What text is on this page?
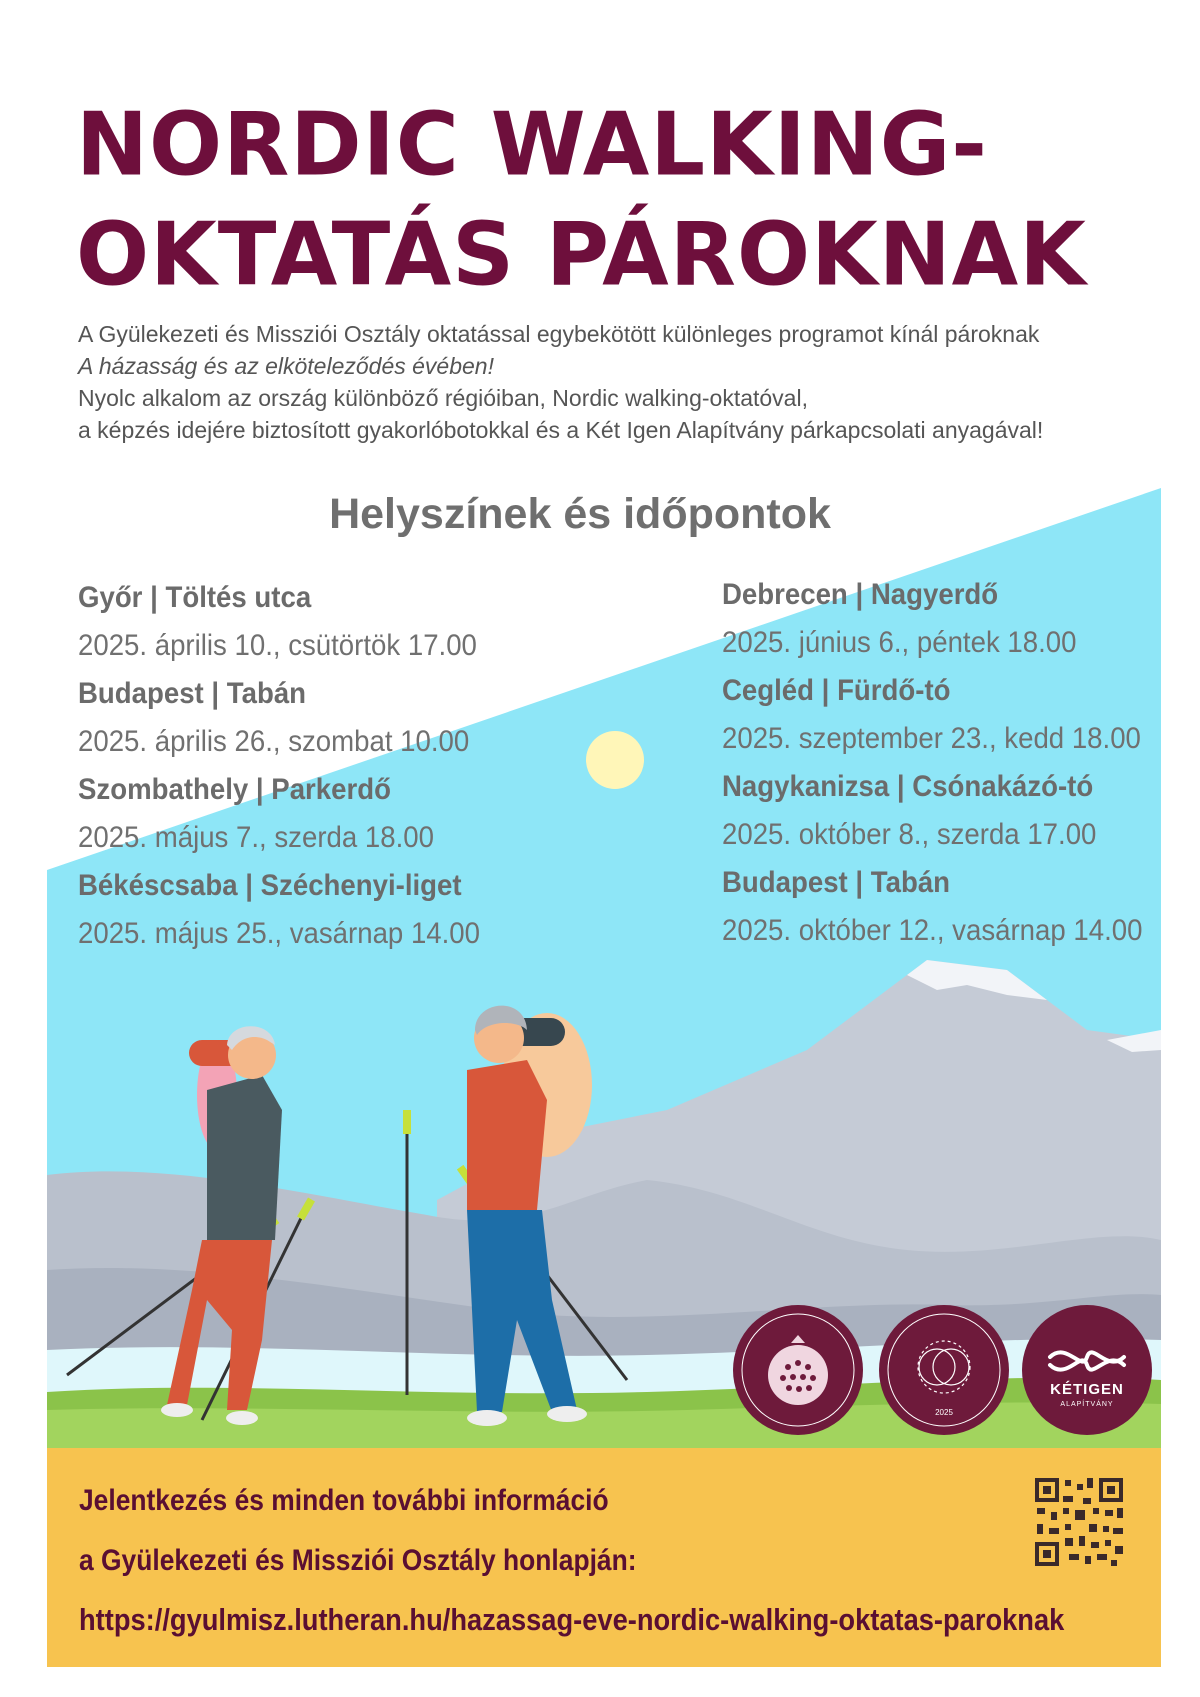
NORDIC WALKING-
OKTATÁS PÁROKNAK
A Gyülekezeti és Missziói Osztály oktatással egybekötött különleges programot kínál pároknak
A házasság és az elköteleződés évében!
Nyolc alkalom az ország különböző régióiban, Nordic walking-oktatóval,
a képzés idejére biztosított gyakorlóbotokkal és a Két Igen Alapítvány párkapcsolati anyagával!
Helyszínek és időpontok
Győr | Töltés utca
2025. április 10., csütörtök 17.00
Budapest | Tabán
2025. április 26., szombat 10.00
Szombathely | Parkerdő
2025. május 7., szerda 18.00
Békéscsaba | Széchenyi-liget
2025. május 25., vasárnap 14.00
Debrecen | Nagyerdő
2025. június 6., péntek 18.00
Cegléd | Fürdő-tó
2025. szeptember 23., kedd 18.00
Nagykanizsa | Csónakázó-tó
2025. október 8., szerda 17.00
Budapest | Tabán
2025. október 12., vasárnap 14.00
2025
KÉTIGEN
ALAPÍTVÁNY
Jelentkezés és minden további információ
a Gyülekezeti és Missziói Osztály honlapján:
https://gyulmisz.lutheran.hu/hazassag-eve-nordic-walking-oktatas-paroknak
